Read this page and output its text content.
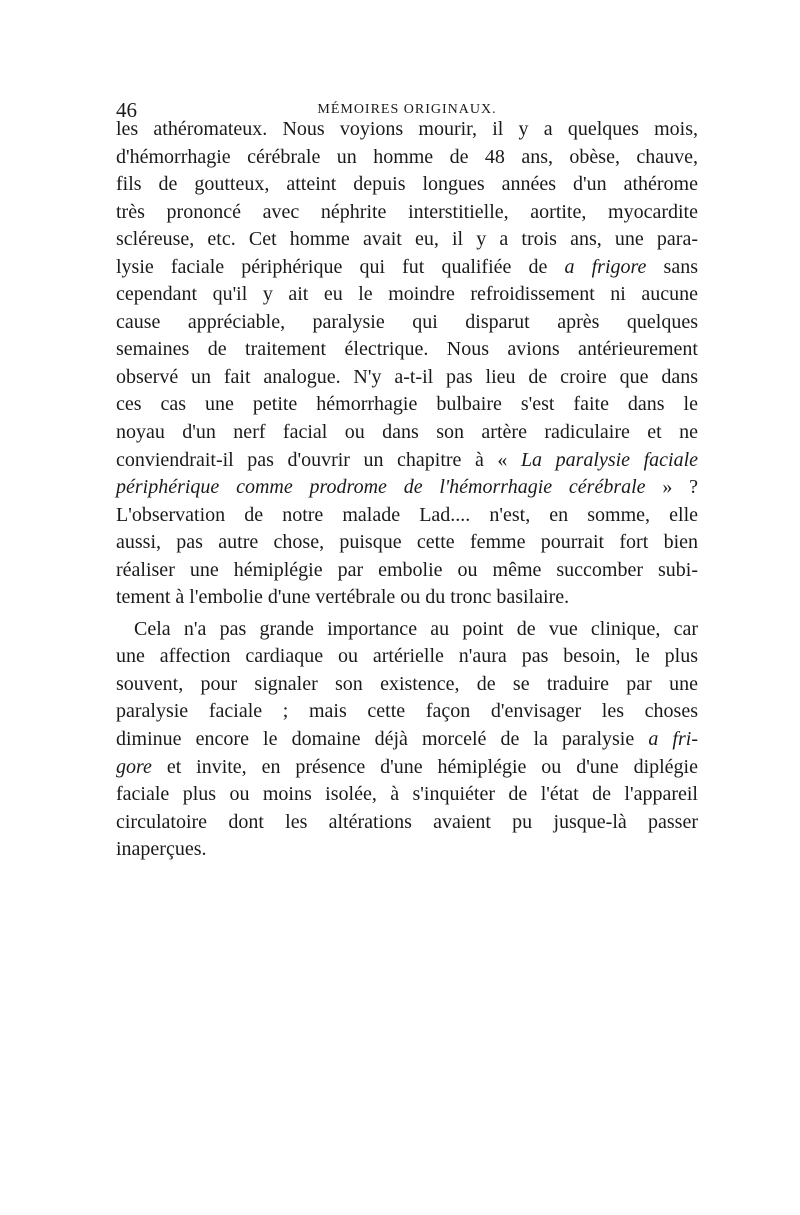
46	MÉMOIRES ORIGINAUX.
les athéromateux. Nous voyions mourir, il y a quelques mois,
d'hémorrhagie cérébrale un homme de 48 ans, obèse, chauve,
fils de goutteux, atteint depuis longues années d'un athérome
très prononcé avec néphrite interstitielle, aortite, myocardite
scléreuse, etc. Cet homme avait eu, il y a trois ans, une para-
lysie faciale périphérique qui fut qualifiée de a frigore sans
cependant qu'il y ait eu le moindre refroidissement ni aucune
cause appréciable, paralysie qui disparut après quelques
semaines de traitement électrique. Nous avions antérieurement
observé un fait analogue. N'y a-t-il pas lieu de croire que dans
ces cas une petite hémorrhagie bulbaire s'est faite dans le
noyau d'un nerf facial ou dans son artère radiculaire et ne
conviendrait-il pas d'ouvrir un chapitre à « La paralysie faciale
périphérique comme prodrome de l'hémorrhagie cérébrale » ?
L'observation de notre malade Lad.... n'est, en somme, elle
aussi, pas autre chose, puisque cette femme pourrait fort bien
réaliser une hémiplégie par embolie ou même succomber subi-
tement à l'embolie d'une vertébrale ou du tronc basilaire.
Cela n'a pas grande importance au point de vue clinique, car
une affection cardiaque ou artérielle n'aura pas besoin, le plus
souvent, pour signaler son existence, de se traduire par une
paralysie faciale ; mais cette façon d'envisager les choses
diminue encore le domaine déjà morcelé de la paralysie a fri-
gore et invite, en présence d'une hémiplégie ou d'une diplégie
faciale plus ou moins isolée, à s'inquiéter de l'état de l'appareil
circulatoire dont les altérations avaient pu jusque-là passer
inaperçues.
